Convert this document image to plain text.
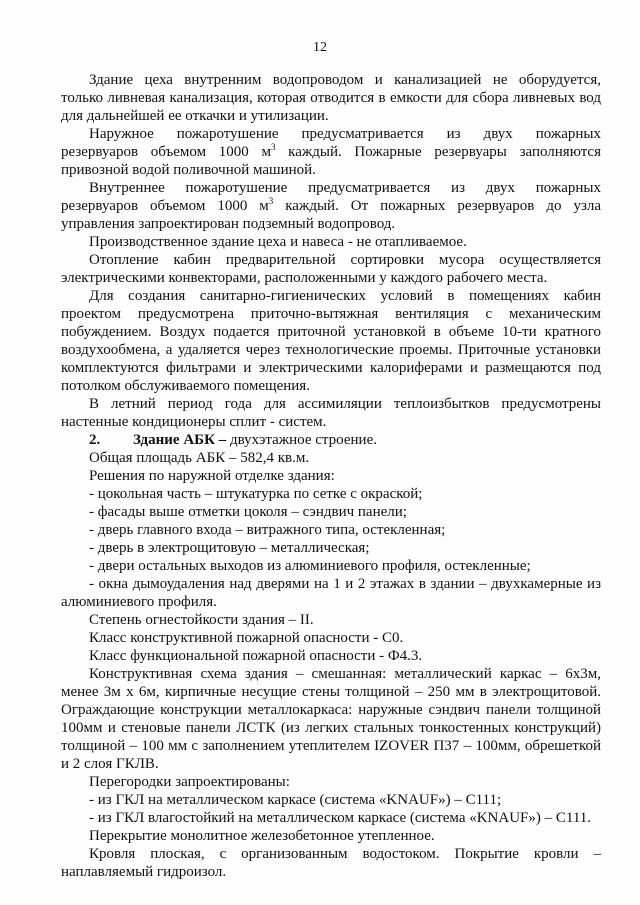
12
Здание цеха внутренним водопроводом и канализацией не оборудуется,
только ливневая канализация, которая отводится в емкости для сбора ливневых вод
для дальнейшей ее откачки и утилизации.
Наружное пожаротушение предусматривается из двух пожарных
резервуаров объемом 1000 $м^3$ каждый. Пожарные резервуары заполняются
привозной водой поливочной машиной.
Внутреннее пожаротушение предусматривается из двух пожарных
резервуаров объемом 1000 $м^3$ каждый. От пожарных резервуаров до узла
управления запроектирован подземный водопровод.
Производственное здание цеха и навеса - не отапливаемое.
Отопление кабин предварительной сортировки мусора осуществляется
электрическими конвекторами, расположенными у каждого рабочего места.
Для создания санитарно-гигиенических условий в помещениях кабин
проектом предусмотрена приточно-вытяжная вентиляция с механическим
побуждением. Воздух подается приточной установкой в объеме 10-ти кратного
воздухообмена, а удаляется через технологические проемы. Приточные установки
комплектуются фильтрами и электрическими калориферами и размещаются под
потолком обслуживаемого помещения.
В летний период года для ассимиляции теплоизбытков предусмотрены
настенные кондиционеры сплит - систем.
2. Здание АБК – двухэтажное строение.
Общая площадь АБК – 582,4 кв.м.
Решения по наружной отделке здания:
- цокольная часть – штукатурка по сетке с окраской;
- фасады выше отметки цоколя – сэндвич панели;
- дверь главного входа – витражного типа, остекленная;
- дверь в электрощитовую – металлическая;
- двери остальных выходов из алюминиевого профиля, остекленные;
- окна дымоудаления над дверями на 1 и 2 этажах в здании – двухкамерные из
алюминиевого профиля.
Степень огнестойкости здания – II.
Класс конструктивной пожарной опасности - С0.
Класс функциональной пожарной опасности - Ф4.3.
Конструктивная схема здания – смешанная: металлический каркас – 6х3м,
менее 3м х 6м, кирпичные несущие стены толщиной – 250 мм в электрощитовой.
Ограждающие конструкции металлокаркаса: наружные сэндвич панели толщиной
100мм и стеновые панели ЛСТК (из легких стальных тонкостенных конструкций)
толщиной – 100 мм с заполнением утеплителем IZOVER П37 – 100мм, обрешеткой
и 2 слоя ГКЛВ.
Перегородки запроектированы:
- из ГКЛ на металлическом каркасе (система «KNAUF») – С111;
- из ГКЛ влагостойкий на металлическом каркасе (система «KNAUF») – С111.
Перекрытие монолитное железобетонное утепленное.
Кровля плоская, с организованным водостоком. Покрытие кровли –
наплавляемый гидроизол.
